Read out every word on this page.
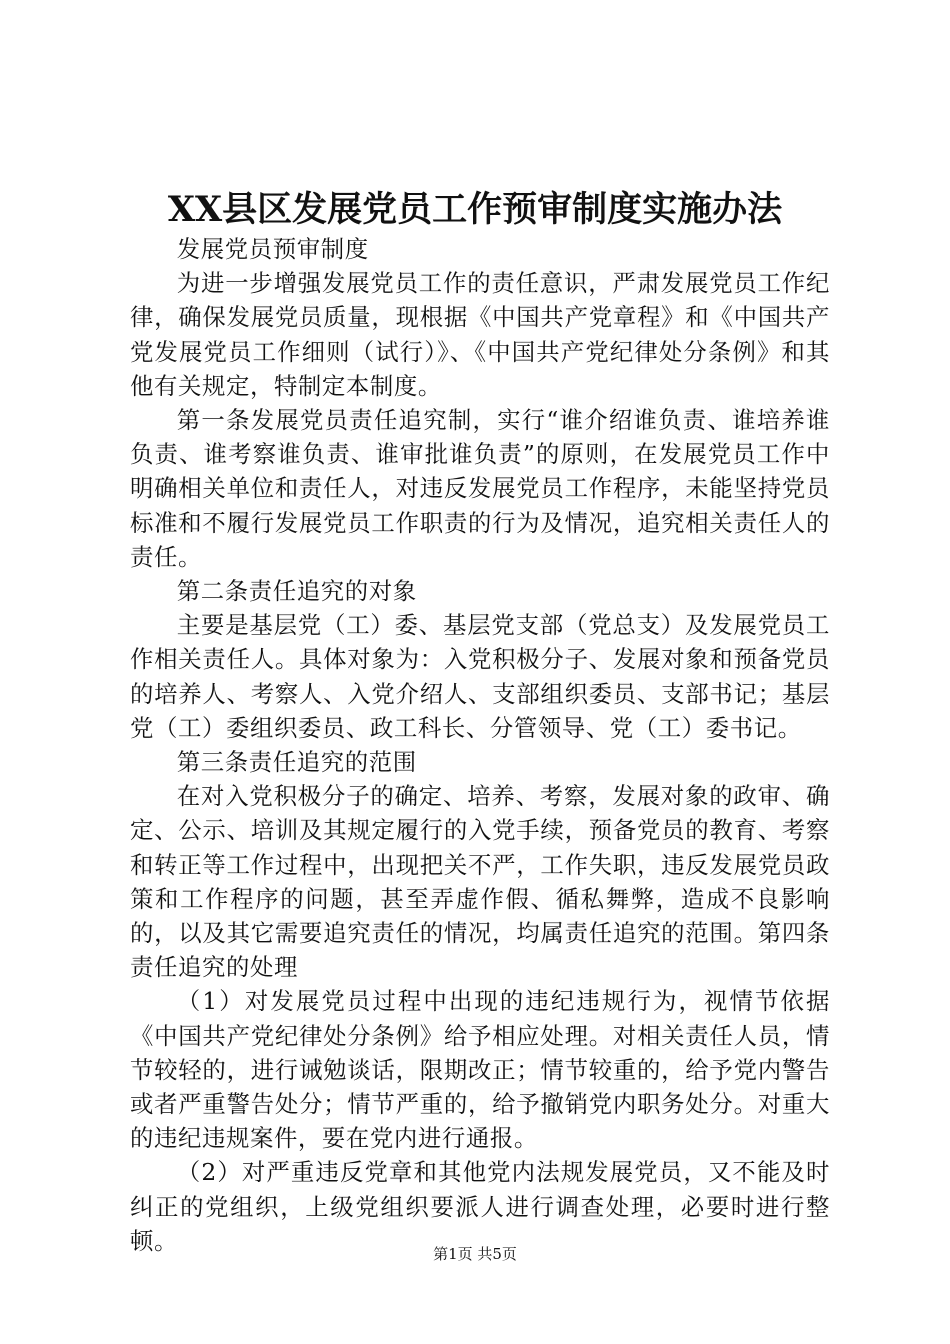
XX县区发展党员工作预审制度实施办法

发展党员预审制度

为进一步增强发展党员工作的责任意识，严肃发展党员工作纪律，确保发展党员质量，现根据《中国共产党章程》和《中国共产党发展党员工作细则（试行）》、《中国共产党纪律处分条例》和其他有关规定，特制定本制度。

第一条发展党员责任追究制，实行“谁介绍谁负责、谁培养谁负责、谁考察谁负责、谁审批谁负责”的原则，在发展党员工作中明确相关单位和责任人，对违反发展党员工作程序，未能坚持党员标准和不履行发展党员工作职责的行为及情况，追究相关责任人的责任。

第二条责任追究的对象

主要是基层党（工）委、基层党支部（党总支）及发展党员工作相关责任人。具体对象为：入党积极分子、发展对象和预备党员的培养人、考察人、入党介绍人、支部组织委员、支部书记；基层党（工）委组织委员、政工科长、分管领导、党（工）委书记。

第三条责任追究的范围

在对入党积极分子的确定、培养、考察，发展对象的政审、确定、公示、培训及其规定履行的入党手续，预备党员的教育、考察和转正等工作过程中，出现把关不严，工作失职，违反发展党员政策和工作程序的问题，甚至弄虚作假、循私舞弊，造成不良影响的，以及其它需要追究责任的情况，均属责任追究的范围。第四条责任追究的处理

（1）对发展党员过程中出现的违纪违规行为，视情节依据《中国共产党纪律处分条例》给予相应处理。对相关责任人员，情节较轻的，进行诫勉谈话，限期改正；情节较重的，给予党内警告或者严重警告处分；情节严重的，给予撤销党内职务处分。对重大的违纪违规案件，要在党内进行通报。

（2）对严重违反党章和其他党内法规发展党员，又不能及时纠正的党组织，上级党组织要派人进行调查处理，必要时进行整顿。	第1页 共5页
